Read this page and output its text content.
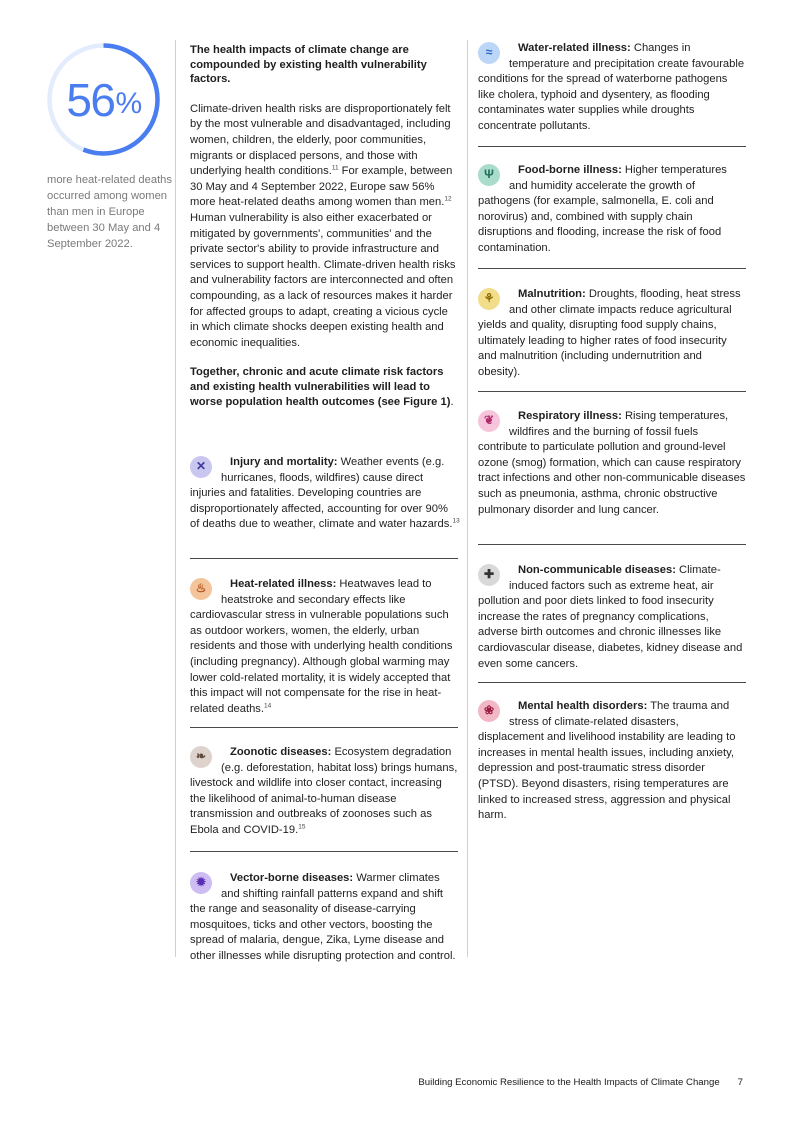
56 %
more heat-related deaths occurred among women than men in Europe between 30 May and 4 September 2022.

The health impacts of climate change are compounded by existing health vulnerability factors.

Climate-driven health risks are disproportionately felt by the most vulnerable and disadvantaged, including women, children, the elderly, poor communities, migrants or displaced persons, and those with underlying health conditions.$^{11}$ For example, between 30 May and 4 September 2022, Europe saw 56% more heat-related deaths among women than men.$^{12}$ Human vulnerability is also either exacerbated or mitigated by governments', communities' and the private sector's ability to provide infrastructure and services to support health. Climate-driven health risks and vulnerability factors are interconnected and often compounding, as a lack of resources makes it harder for affected groups to adapt, creating a vicious cycle in which climate shocks deepen existing health and economic inequalities.

Together, chronic and acute climate risk factors and existing health vulnerabilities will lead to worse population health outcomes (see Figure 1).

✕	Injury and mortality: Weather events (e.g. hurricanes, floods, wildfires) cause direct injuries and fatalities. Developing countries are disproportionately affected, accounting for over 90% of deaths due to weather, climate and water hazards.$^{13}$

♨	Heat-related illness: Heatwaves lead to heatstroke and secondary effects like cardiovascular stress in vulnerable populations such as outdoor workers, women, the elderly, urban residents and those with underlying health conditions (including pregnancy). Although global warming may lower cold-related mortality, it is widely accepted that this impact will not compensate for the rise in heat-related deaths.$^{14}$

❧	Zoonotic diseases: Ecosystem degradation (e.g. deforestation, habitat loss) brings humans, livestock and wildlife into closer contact, increasing the likelihood of animal-to-human disease transmission and outbreaks of zoonoses such as Ebola and COVID-19.15

✹	Vector-borne diseases: Warmer climates and shifting rainfall patterns expand and shift the range and seasonality of disease-carrying mosquitoes, ticks and other vectors, boosting the spread of malaria, dengue, Zika, Lyme disease and other illnesses while disrupting protection and control.

≈	Water-related illness: Changes in temperature and precipitation create favourable conditions for the spread of waterborne pathogens like cholera, typhoid and dysentery, as flooding contaminates water supplies while droughts concentrate pollutants.

Ψ	Food-borne illness: Higher temperatures and humidity accelerate the growth of pathogens (for example, salmonella, E. coli and norovirus) and, combined with supply chain disruptions and flooding, increase the risk of food contamination.

⚘	Malnutrition: Droughts, flooding, heat stress and other climate impacts reduce agricultural yields and quality, disrupting food supply chains, ultimately leading to higher rates of food insecurity and malnutrition (including undernutrition and obesity).

❦	Respiratory illness: Rising temperatures, wildfires and the burning of fossil fuels contribute to particulate pollution and ground-level ozone (smog) formation, which can cause respiratory tract infections and other non-communicable diseases such as pneumonia, asthma, chronic obstructive pulmonary disorder and lung cancer.

✚	Non-communicable diseases: Climate-induced factors such as extreme heat, air pollution and poor diets linked to food insecurity increase the rates of pregnancy complications, adverse birth outcomes and chronic illnesses like cardiovascular disease, diabetes, kidney disease and even some cancers.

❀	Mental health disorders: The trauma and stress of climate-related disasters, displacement and livelihood instability are leading to increases in mental health issues, including anxiety, depression and post-traumatic stress disorder (PTSD). Beyond disasters, rising temperatures are linked to increased stress, aggression and physical harm.

Building Economic Resilience to the Health Impacts of Climate Change 7
